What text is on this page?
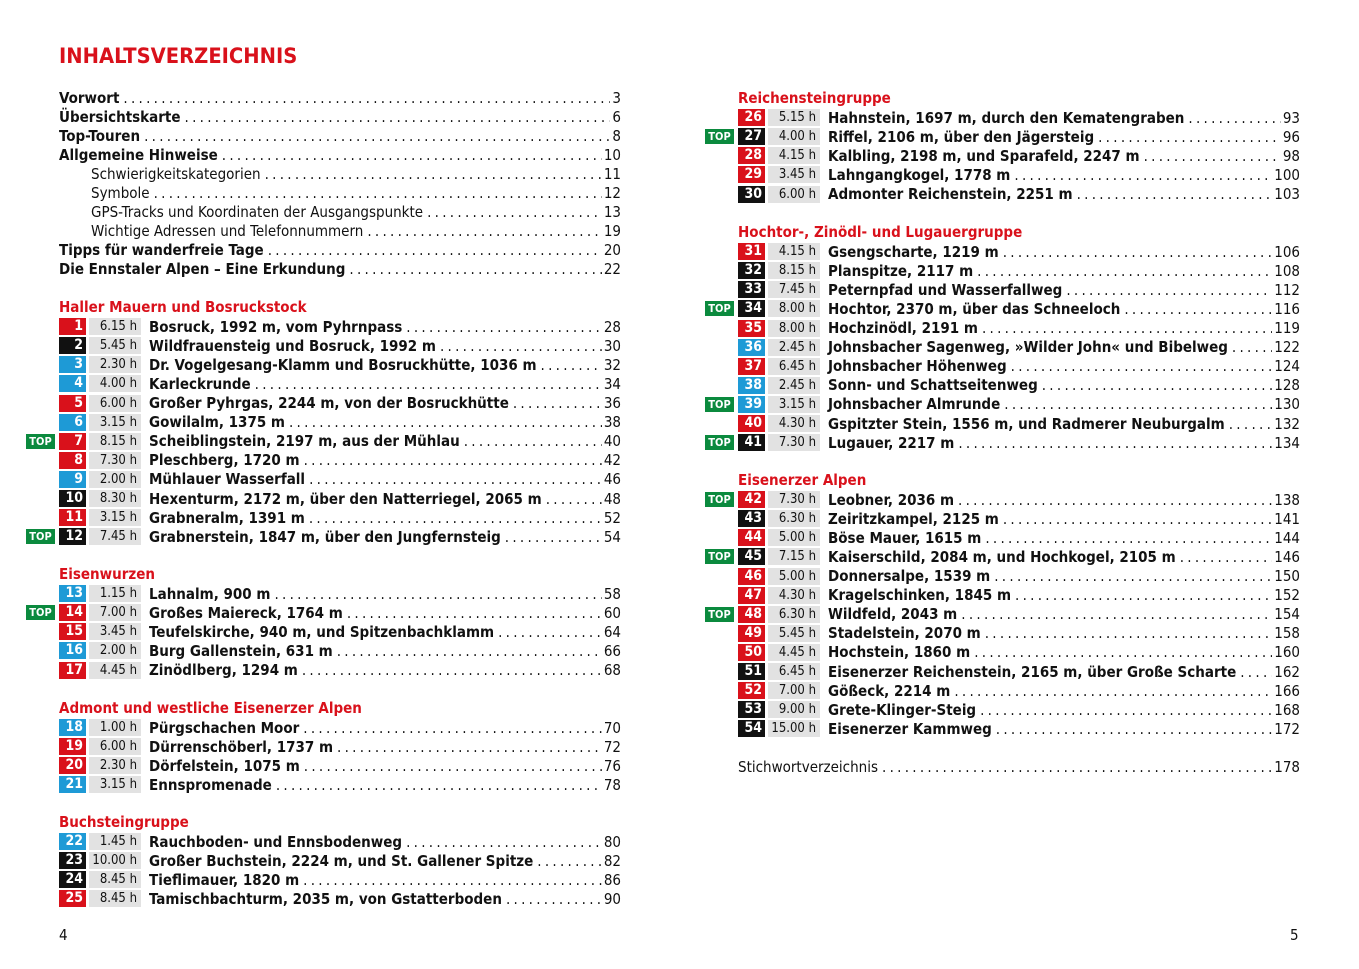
INHALTSVERZEICHNIS
Vorwort . . .	3
Übersichtskarte . . .	6
Top-Touren . . .	8
Allgemeine Hinweise . . .	10
Schwierigkeitskategorien . . .	11
Symbole . . .	12
GPS-Tracks und Koordinaten der Ausgangspunkte . . .	13
Wichtige Adressen und Telefonnummern . . .	19
Tipps für wanderfreie Tage . . .	20
Die Ennstaler Alpen – Eine Erkundung . . .	22
Haller Mauern und Bosruckstock
1	6.15 h Bosruck, 1992 m, vom Pyhrnpass . . .	28
2	5.45 h Wildfrauensteig und Bosruck, 1992 m . . .	30
3	2.30 h Dr. Vogelgesang-Klamm und Bosruckhütte, 1036 m . . .	32
4	4.00 h Karleckrunde . . .	34
5	6.00 h Großer Pyhrgas, 2244 m, von der Bosruckhütte . . .	36
6	3.15 h Gowilalm, 1375 m . . .	38
TOP	7	8.15 h Scheiblingstein, 2197 m, aus der Mühlau . . .	40
8	7.30 h Pleschberg, 1720 m . . .	42
9	2.00 h Mühlauer Wasserfall . . .	46
10	8.30 h Hexenturm, 2172 m, über den Natterriegel, 2065 m . . .	48
11	3.15 h Grabneralm, 1391 m . . .	52
TOP 12	7.45 h Grabnerstein, 1847 m, über den Jungfernsteig . . .	54
Eisenwurzen
13	1.15 h Lahnalm, 900 m . . .	58
TOP 14	7.00 h Großes Maiereck, 1764 m . . .	60
15	3.45 h Teufelskirche, 940 m, und Spitzenbachklamm . . .	64
16	2.00 h Burg Gallenstein, 631 m . . .	66
17	4.45 h Zinödlberg, 1294 m . . .	68
Admont und westliche Eisenerzer Alpen
18	1.00 h Pürgschachen Moor . . .	70
19	6.00 h Dürrenschöberl, 1737 m . . .	72
20	2.30 h Dörfelstein, 1075 m . . .	76
21	3.15 h Ennspromenade . . .	78
Buchsteingruppe
22	1.45 h Rauchboden- und Ennsbodenweg . . .	80
23 10.00 h Großer Buchstein, 2224 m, und St. Gallener Spitze . . .	82
24	8.45 h Tieflimauer, 1820 m . . .	86
25	8.45 h Tamischbachturm, 2035 m, von Gstatterboden . . .	90
Reichensteingruppe
26	5.15 h Hahnstein, 1697 m, durch den Kematengraben . . .	93
TOP 27	4.00 h Riffel, 2106 m, über den Jägersteig . . .	96
28	4.15 h Kalbling, 2198 m, und Sparafeld, 2247 m . . .	98
29	3.45 h Lahngangkogel, 1778 m . . .	100
30	6.00 h Admonter Reichenstein, 2251 m . . .	103
Hochtor-, Zinödl- und Lugauergruppe
31	4.15 h Gsengscharte, 1219 m . . .	106
32	8.15 h Planspitze, 2117 m . . .	108
33	7.45 h Peternpfad und Wasserfallweg . . .	112
TOP 34	8.00 h Hochtor, 2370 m, über das Schneeloch . . .	116
35	8.00 h Hochzinödl, 2191 m . . .	119
36	2.45 h Johnsbacher Sagenweg, »Wilder John« und Bibelweg . . .	122
37	6.45 h Johnsbacher Höhenweg . . .	124
38	2.45 h Sonn- und Schattseitenweg . . .	128
TOP 39	3.15 h Johnsbacher Almrunde . . .	130
40	4.30 h Gspitzter Stein, 1556 m, und Radmerer Neuburgalm . . .	132
TOP 41	7.30 h Lugauer, 2217 m . . .	134
Eisenerzer Alpen
TOP 42	7.30 h Leobner, 2036 m . . .	138
43	6.30 h Zeiritzkampel, 2125 m . . .	141
44	5.00 h Böse Mauer, 1615 m . . .	144
TOP 45	7.15 h Kaiserschild, 2084 m, und Hochkogel, 2105 m . . .	146
46	5.00 h Donnersalpe, 1539 m . . .	150
47	4.30 h Kragelschinken, 1845 m . . .	152
TOP 48	6.30 h Wildfeld, 2043 m . . .	154
49	5.45 h Stadelstein, 2070 m . . .	158
50	4.45 h Hochstein, 1860 m . . .	160
51	6.45 h Eisenerzer Reichenstein, 2165 m, über Große Scharte . . .	162
52	7.00 h Gößeck, 2214 m . . .	166
53	9.00 h Grete-Klinger-Steig . . .	168
54 15.00 h Eisenerzer Kammweg . . .	172
Stichwortverzeichnis . . .	178
4	5
